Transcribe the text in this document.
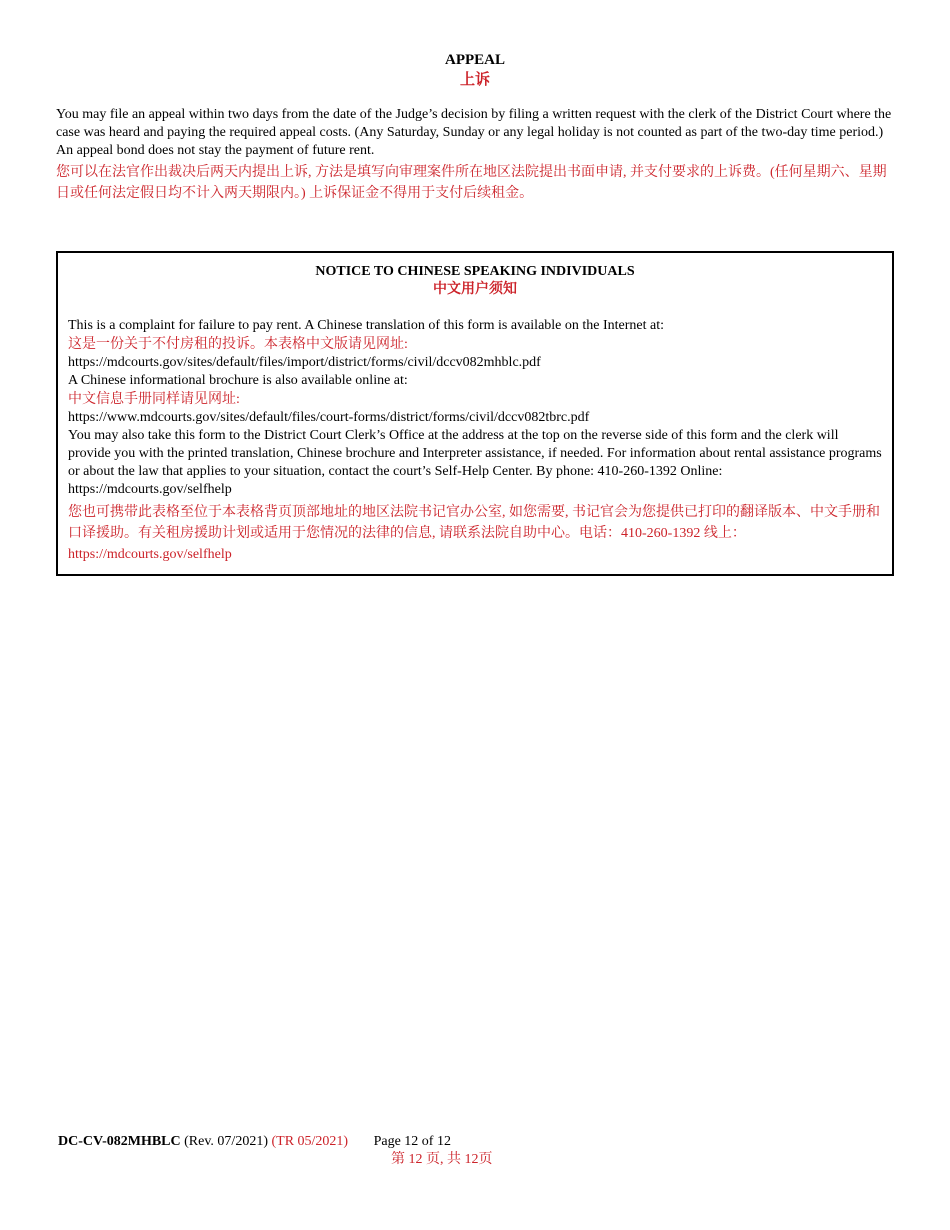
APPEAL
上诉

You may file an appeal within two days from the date of the Judge’s decision by filing a written request with the clerk of the District Court where the case was heard and paying the required appeal costs. (Any Saturday, Sunday or any legal holiday is not counted as part of the two-day time period.) An appeal bond does not stay the payment of future rent.

您可以在法官作出裁决后两天内提出上诉, 方法是填写向审理案件所在地区法院提出书面申请, 并支付要求的上诉费。(任何星期六、星期日或任何法定假日均不计入两天期限内。) 上诉保证金不得用于支付后续租金。

NOTICE TO CHINESE SPEAKING INDIVIDUALS
中文用户须知

This is a complaint for failure to pay rent. A Chinese translation of this form is available on the Internet at:

这是一份关于不付房租的投诉。本表格中文版请见网址:

https://mdcourts.gov/sites/default/files/import/district/forms/civil/dccv082mhblc.pdf

A Chinese informational brochure is also available online at:

中文信息手册同样请见网址:

https://www.mdcourts.gov/sites/default/files/court-forms/district/forms/civil/dccv082tbrc.pdf

You may also take this form to the District Court Clerk’s Office at the address at the top on the reverse side of this form and the clerk will provide you with the printed translation, Chinese brochure and Interpreter assistance, if needed. For information about rental assistance programs or about the law that applies to your situation, contact the court’s Self-Help Center. By phone: 410-260-1392 Online: https://mdcourts.gov/selfhelp

您也可携带此表格至位于本表格背页顶部地址的地区法院书记官办公室, 如您需要, 书记官会为您提供已打印的翻译版本、中文手册和口译援助。有关租房援助计划或适用于您情况的法律的信息, 请联系法院自助中心。电话：410-260-1392 线上：https://mdcourts.gov/selfhelp

DC-CV-082MHBLC (Rev. 07/2021) (TR 05/2021) Page 12 of 12
第 12 页, 共 12页
